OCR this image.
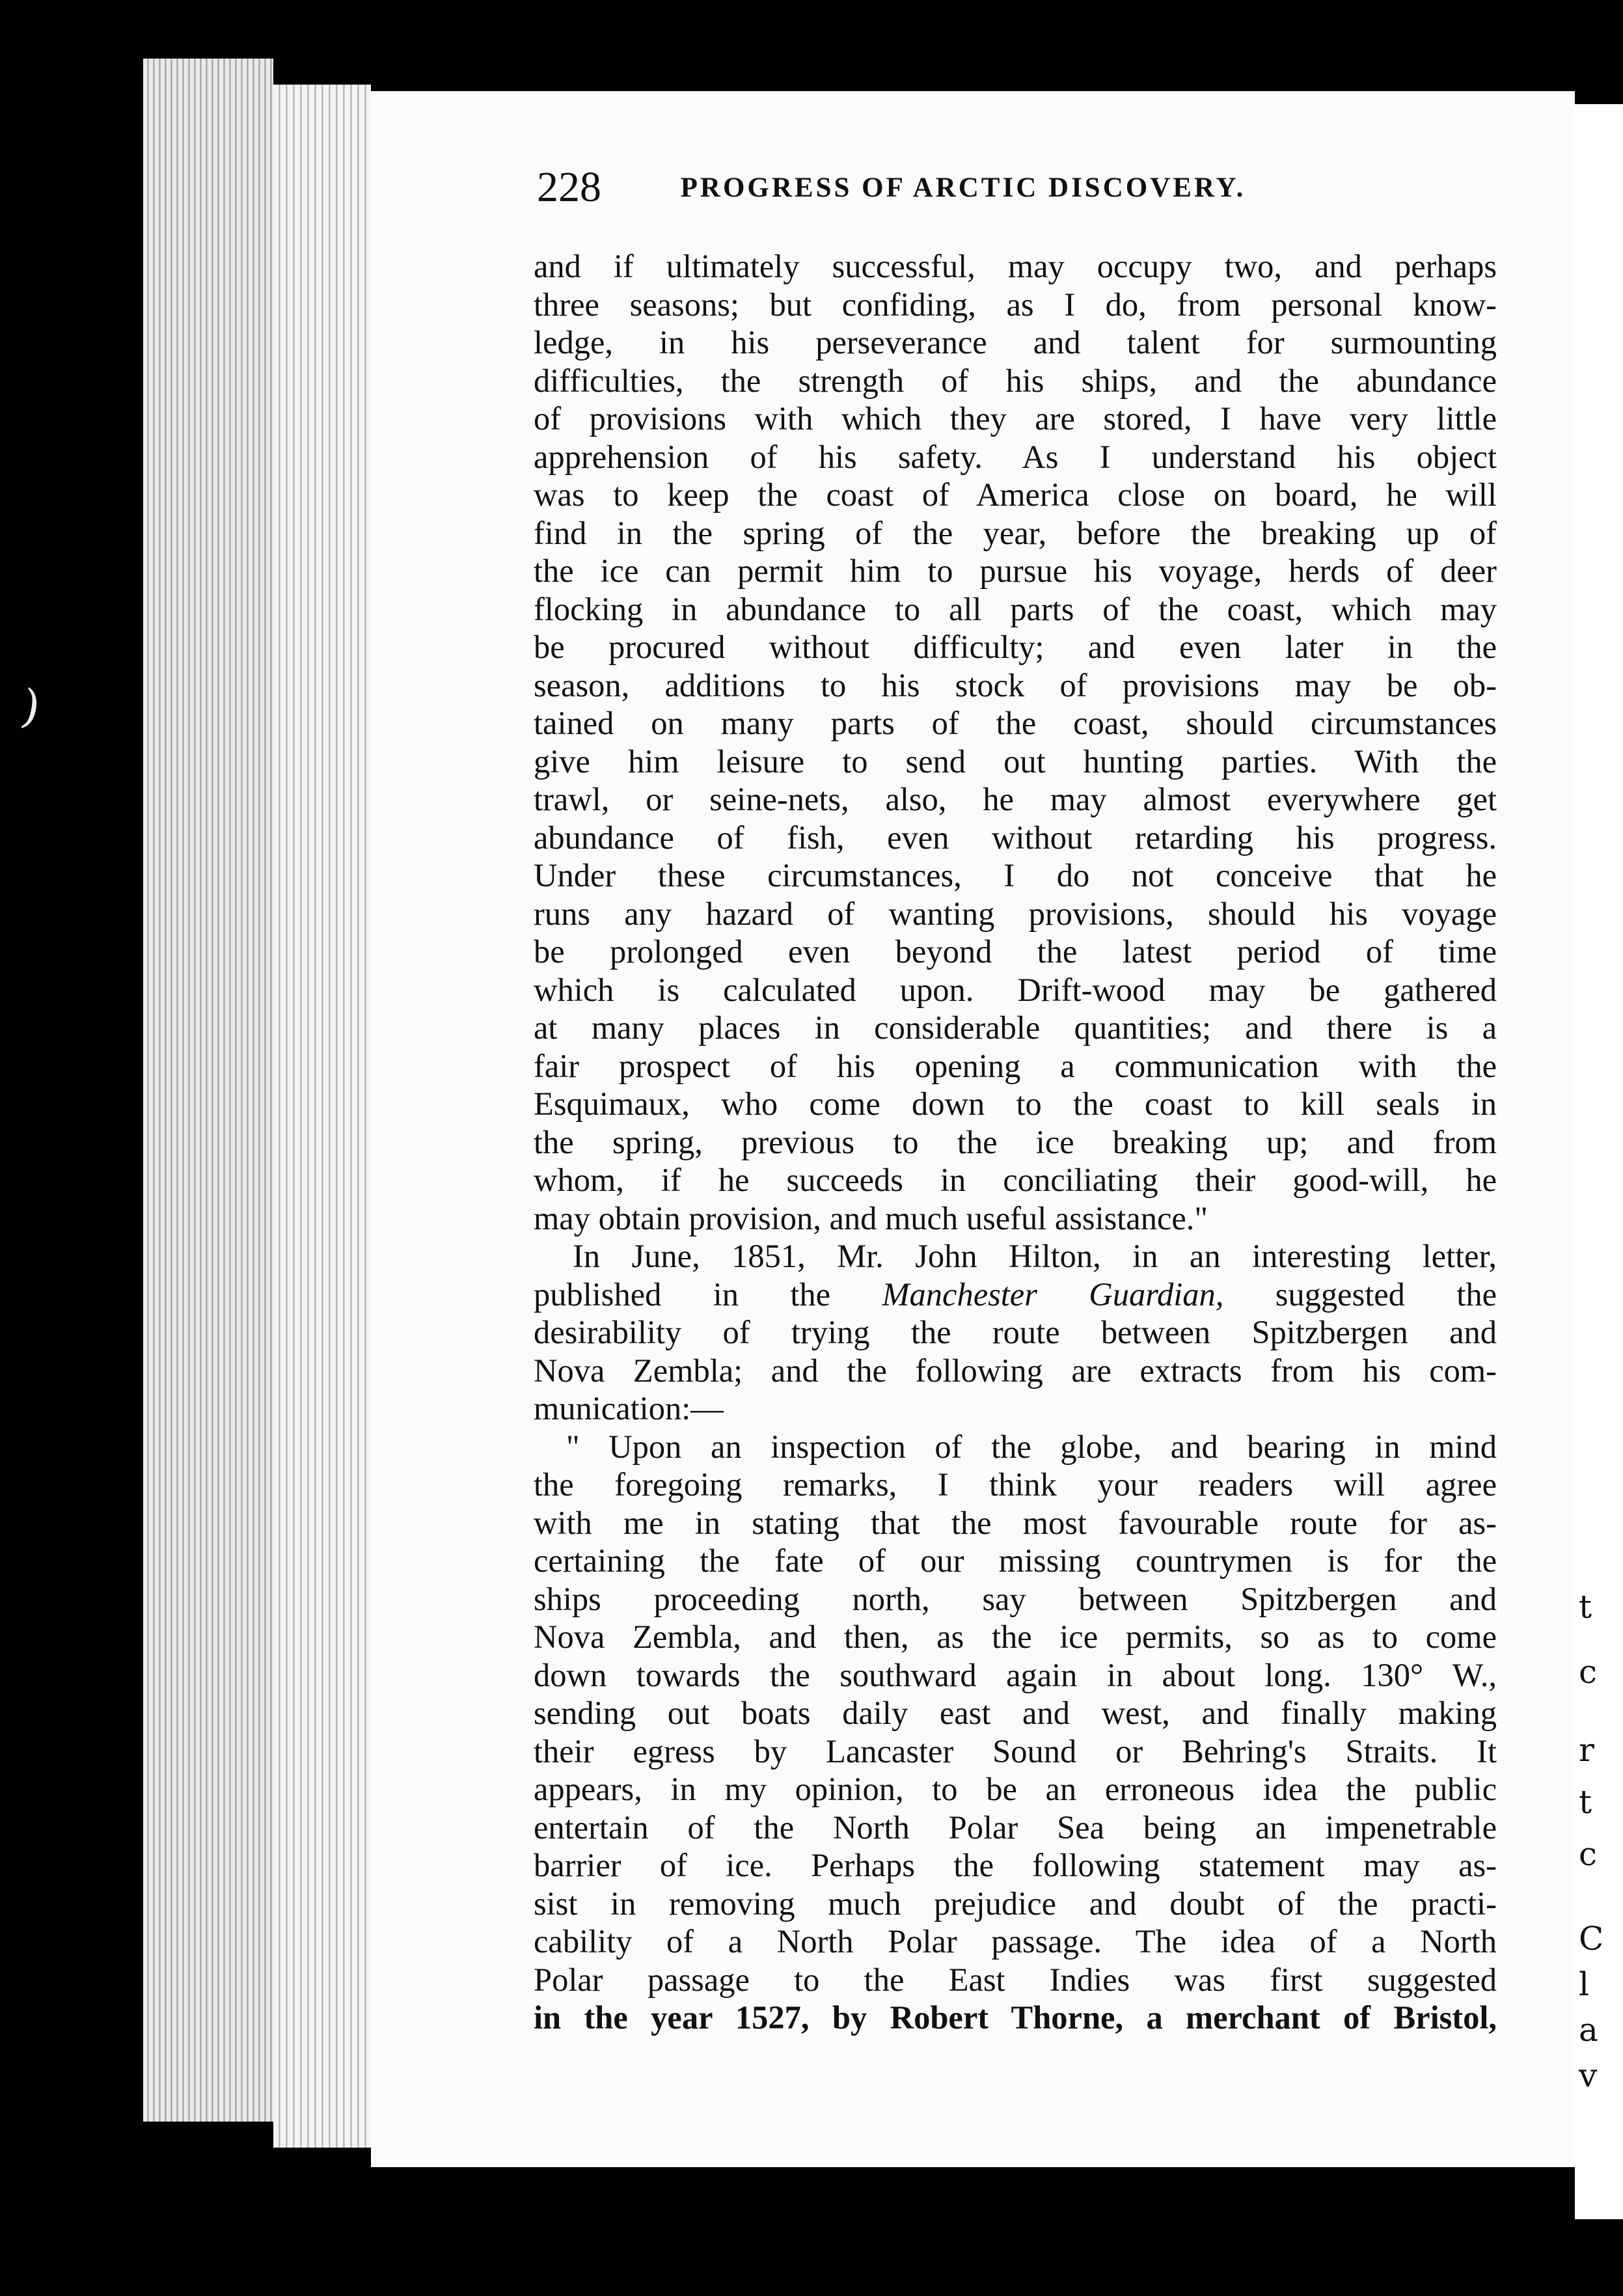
)
t
c
r
t
c
C
l
a
v
228	PROGRESS OF ARCTIC DISCOVERY.
and if ultimately successful, may occupy two, and perhaps
three seasons; but confiding, as I do, from personal know-
ledge, in his perseverance and talent for surmounting
difficulties, the strength of his ships, and the abundance
of provisions with which they are stored, I have very little
apprehension of his safety. As I understand his object
was to keep the coast of America close on board, he will
find in the spring of the year, before the breaking up of
the ice can permit him to pursue his voyage, herds of deer
flocking in abundance to all parts of the coast, which may
be procured without difficulty; and even later in the
season, additions to his stock of provisions may be ob-
tained on many parts of the coast, should circumstances
give him leisure to send out hunting parties. With the
trawl, or seine-nets, also, he may almost everywhere get
abundance of fish, even without retarding his progress.
Under these circumstances, I do not conceive that he
runs any hazard of wanting provisions, should his voyage
be prolonged even beyond the latest period of time
which is calculated upon. Drift-wood may be gathered
at many places in considerable quantities; and there is a
fair prospect of his opening a communication with the
Esquimaux, who come down to the coast to kill seals in
the spring, previous to the ice breaking up; and from
whom, if he succeeds in conciliating their good-will, he
may obtain provision, and much useful assistance."
In June, 1851, Mr. John Hilton, in an interesting letter,
published in the Manchester Guardian, suggested the
desirability of trying the route between Spitzbergen and
Nova Zembla; and the following are extracts from his com-
munication:—
" Upon an inspection of the globe, and bearing in mind
the foregoing remarks, I think your readers will agree
with me in stating that the most favourable route for as-
certaining the fate of our missing countrymen is for the
ships proceeding north, say between Spitzbergen and
Nova Zembla, and then, as the ice permits, so as to come
down towards the southward again in about long. 130° W.,
sending out boats daily east and west, and finally making
their egress by Lancaster Sound or Behring's Straits. It
appears, in my opinion, to be an erroneous idea the public
entertain of the North Polar Sea being an impenetrable
barrier of ice. Perhaps the following statement may as-
sist in removing much prejudice and doubt of the practi-
cability of a North Polar passage. The idea of a North
Polar passage to the East Indies was first suggested
in the year 1527, by Robert Thorne, a merchant of Bristol,
